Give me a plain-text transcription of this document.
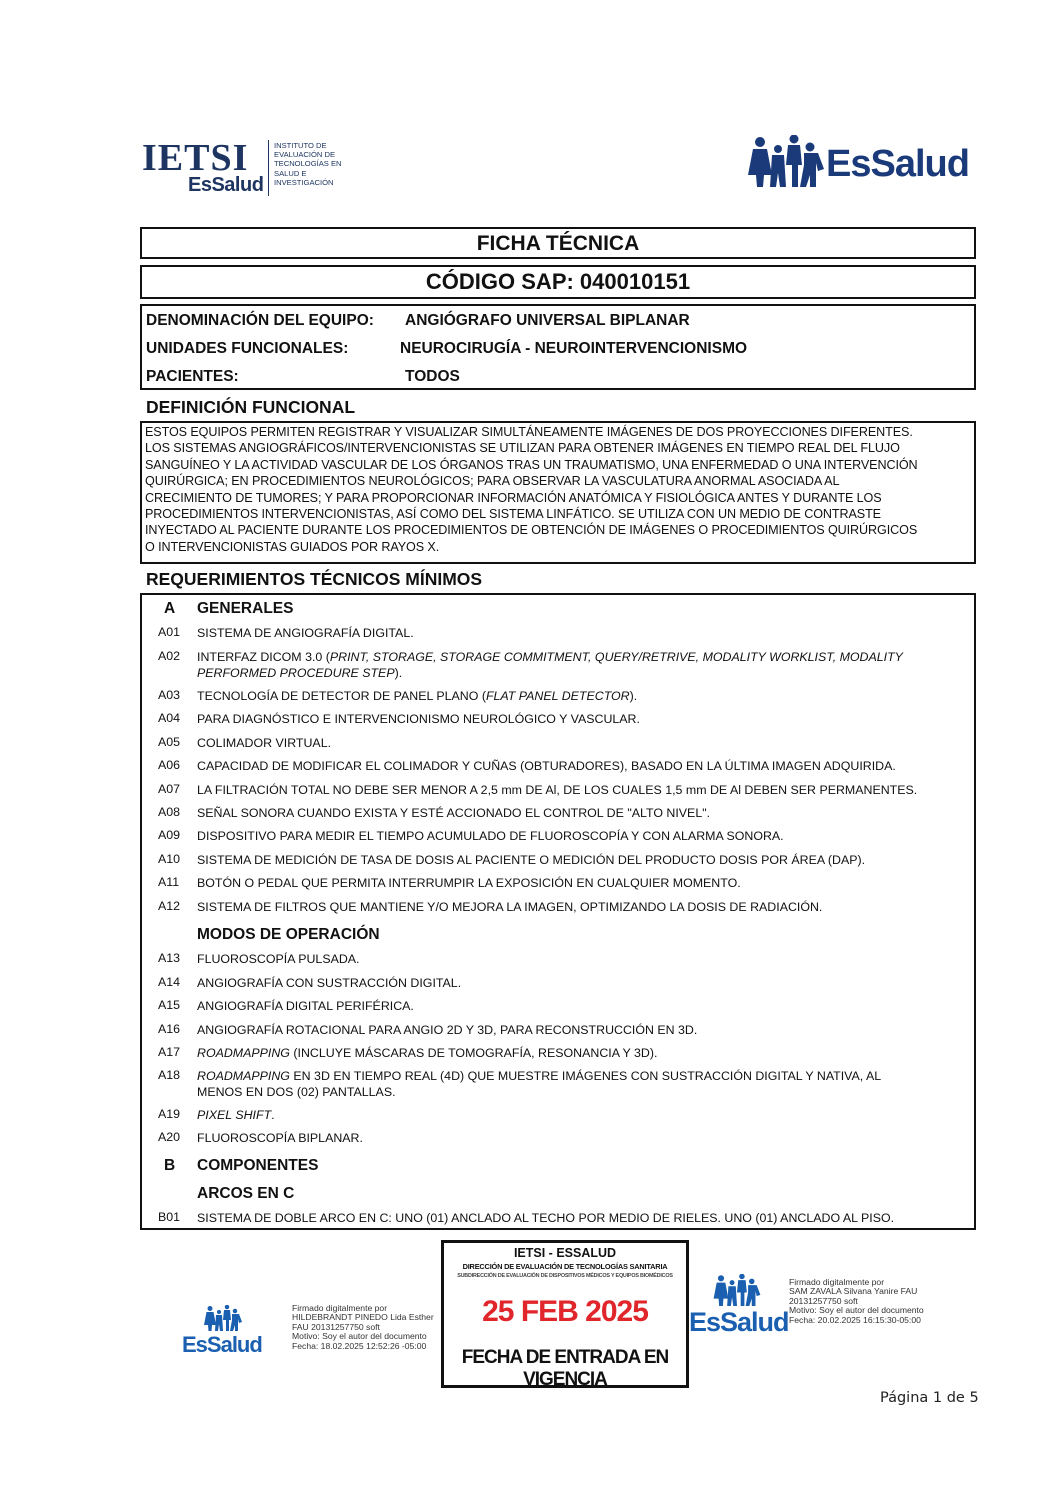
IETSI
EsSalud
INSTITUTO DE
EVALUACIÓN DE
TECNOLOGÍAS EN
SALUD E
INVESTIGACIÓN	EsSalud
FICHA TÉCNICA
CÓDIGO SAP: 040010151
DENOMINACIÓN DEL EQUIPO: ANGIÓGRAFO UNIVERSAL BIPLANAR
UNIDADES FUNCIONALES:	NEUROCIRUGÍA - NEUROINTERVENCIONISMO
PACIENTES:	TODOS
DEFINICIÓN FUNCIONAL
ESTOS EQUIPOS PERMITEN REGISTRAR Y VISUALIZAR SIMULTÁNEAMENTE IMÁGENES DE DOS PROYECCIONES DIFERENTES.
LOS SISTEMAS ANGIOGRÁFICOS/INTERVENCIONISTAS SE UTILIZAN PARA OBTENER IMÁGENES EN TIEMPO REAL DEL FLUJO
SANGUÍNEO Y LA ACTIVIDAD VASCULAR DE LOS ÓRGANOS TRAS UN TRAUMATISMO, UNA ENFERMEDAD O UNA INTERVENCIÓN
QUIRÚRGICA; EN PROCEDIMIENTOS NEUROLÓGICOS; PARA OBSERVAR LA VASCULATURA ANORMAL ASOCIADA AL
CRECIMIENTO DE TUMORES; Y PARA PROPORCIONAR INFORMACIÓN ANATÓMICA Y FISIOLÓGICA ANTES Y DURANTE LOS
PROCEDIMIENTOS INTERVENCIONISTAS, ASÍ COMO DEL SISTEMA LINFÁTICO. SE UTILIZA CON UN MEDIO DE CONTRASTE
INYECTADO AL PACIENTE DURANTE LOS PROCEDIMIENTOS DE OBTENCIÓN DE IMÁGENES O PROCEDIMIENTOS QUIRÚRGICOS
O INTERVENCIONISTAS GUIADOS POR RAYOS X.
REQUERIMIENTOS TÉCNICOS MÍNIMOS
A GENERALES
A01 SISTEMA DE ANGIOGRAFÍA DIGITAL.
A02 INTERFAZ DICOM 3.0 (PRINT, STORAGE, STORAGE COMMITMENT, QUERY/RETRIVE, MODALITY WORKLIST, MODALITY
PERFORMED PROCEDURE STEP).
A03 TECNOLOGÍA DE DETECTOR DE PANEL PLANO (FLAT PANEL DETECTOR).
A04 PARA DIAGNÓSTICO E INTERVENCIONISMO NEUROLÓGICO Y VASCULAR.
A05 COLIMADOR VIRTUAL.
A06 CAPACIDAD DE MODIFICAR EL COLIMADOR Y CUÑAS (OBTURADORES), BASADO EN LA ÚLTIMA IMAGEN ADQUIRIDA.
A07 LA FILTRACIÓN TOTAL NO DEBE SER MENOR A 2,5 mm DE Al, DE LOS CUALES 1,5 mm DE Al DEBEN SER PERMANENTES.
A08 SEÑAL SONORA CUANDO EXISTA Y ESTÉ ACCIONADO EL CONTROL DE "ALTO NIVEL".
A09 DISPOSITIVO PARA MEDIR EL TIEMPO ACUMULADO DE FLUOROSCOPÍA Y CON ALARMA SONORA.
A10 SISTEMA DE MEDICIÓN DE TASA DE DOSIS AL PACIENTE O MEDICIÓN DEL PRODUCTO DOSIS POR ÁREA (DAP).
A11 BOTÓN O PEDAL QUE PERMITA INTERRUMPIR LA EXPOSICIÓN EN CUALQUIER MOMENTO.
A12 SISTEMA DE FILTROS QUE MANTIENE Y/O MEJORA LA IMAGEN, OPTIMIZANDO LA DOSIS DE RADIACIÓN.
MODOS DE OPERACIÓN
A13 FLUOROSCOPÍA PULSADA.
A14 ANGIOGRAFÍA CON SUSTRACCIÓN DIGITAL.
A15 ANGIOGRAFÍA DIGITAL PERIFÉRICA.
A16 ANGIOGRAFÍA ROTACIONAL PARA ANGIO 2D Y 3D, PARA RECONSTRUCCIÓN EN 3D.
A17 ROADMAPPING (INCLUYE MÁSCARAS DE TOMOGRAFÍA, RESONANCIA Y 3D).
A18 ROADMAPPING EN 3D EN TIEMPO REAL (4D) QUE MUESTRE IMÁGENES CON SUSTRACCIÓN DIGITAL Y NATIVA, AL
MENOS EN DOS (02) PANTALLAS.
A19 PIXEL SHIFT.
A20 FLUOROSCOPÍA BIPLANAR.
B COMPONENTES
ARCOS EN C
B01 SISTEMA DE DOBLE ARCO EN C: UNO (01) ANCLADO AL TECHO POR MEDIO DE RIELES. UNO (01) ANCLADO AL PISO.
EsSalud
Firmado digitalmente por
HILDEBRANDT PINEDO Lida Esther
FAU 20131257750 soft
Motivo: Soy el autor del documento
Fecha: 18.02.2025 12:52:26 -05:00
IETSI - ESSALUD
DIRECCIÓN DE EVALUACIÓN DE TECNOLOGÍAS SANITARIA
SUBDIRECCIÓN DE EVALUACIÓN DE DISPOSITIVOS MÉDICOS Y EQUIPOS BIOMÉDICOS
25 FEB 2025
FECHA DE ENTRADA EN VIGENCIA
EsSalud
Firmado digitalmente por
SAM ZAVALA Silvana Yanire FAU
20131257750 soft
Motivo: Soy el autor del documento
Fecha: 20.02.2025 16:15:30-05:00
Página 1 de 5
